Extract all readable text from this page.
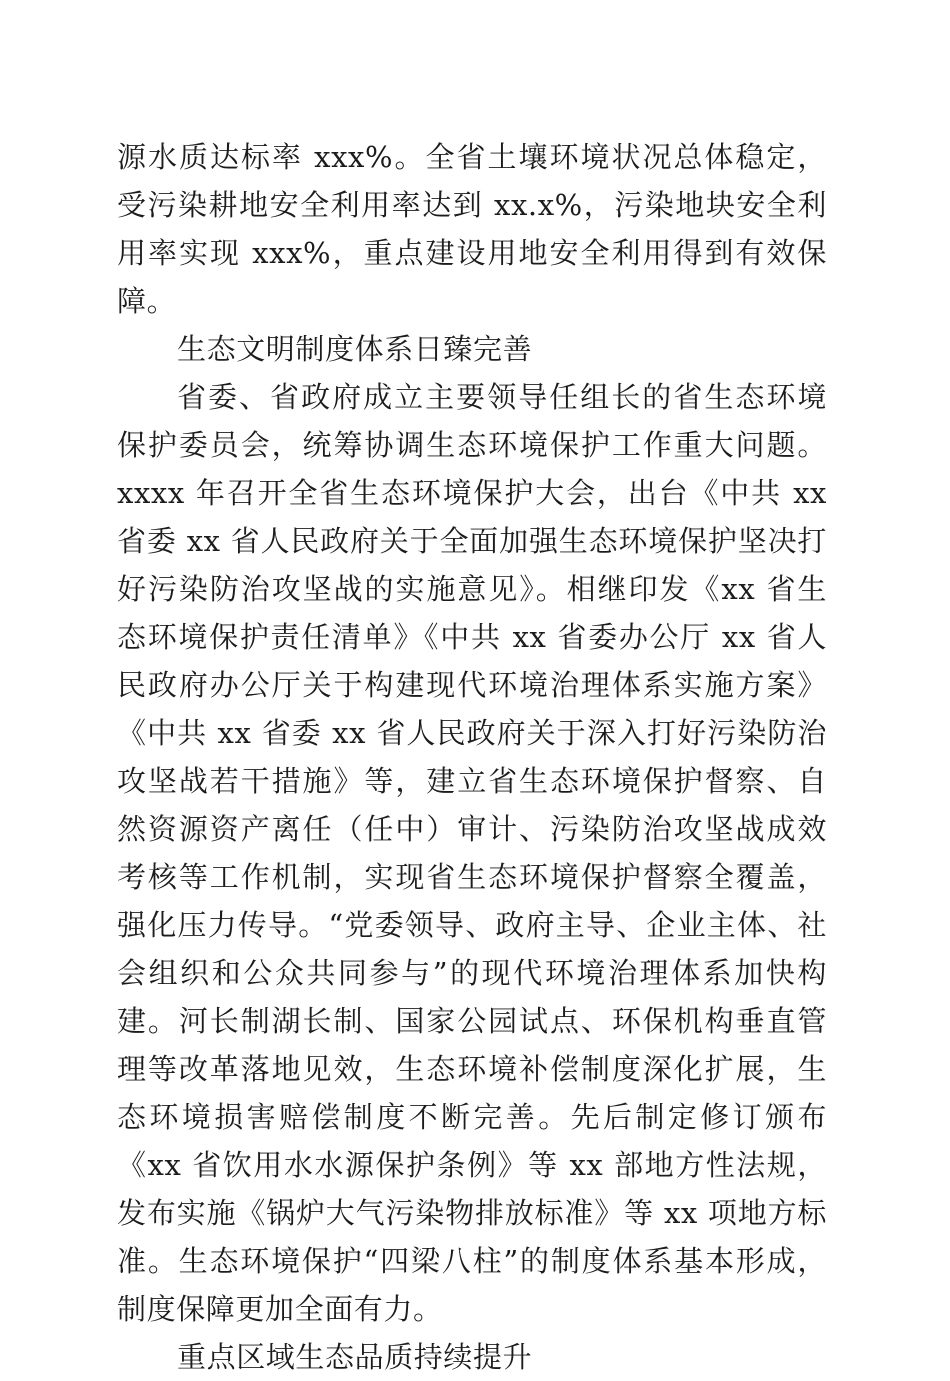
源水质达标率 xxx%。全省土壤环境状况总体稳定，受污染耕地安全利用率达到 xx.x%，污染地块安全利用率实现 xxx%，重点建设用地安全利用得到有效保障。

生态文明制度体系日臻完善

省委、省政府成立主要领导任组长的省生态环境保护委员会，统筹协调生态环境保护工作重大问题。xxxx 年召开全省生态环境保护大会，出台《中共 xx 省委 xx 省人民政府关于全面加强生态环境保护坚决打好污染防治攻坚战的实施意见》。相继印发《xx 省生态环境保护责任清单》《中共 xx 省委办公厅 xx 省人民政府办公厅关于构建现代环境治理体系实施方案》《中共 xx 省委 xx 省人民政府关于深入打好污染防治攻坚战若干措施》等，建立省生态环境保护督察、自然资源资产离任（任中）审计、污染防治攻坚战成效考核等工作机制，实现省生态环境保护督察全覆盖，强化压力传导。“党委领导、政府主导、企业主体、社会组织和公众共同参与”的现代环境治理体系加快构建。河长制湖长制、国家公园试点、环保机构垂直管理等改革落地见效，生态环境补偿制度深化扩展，生态环境损害赔偿制度不断完善。先后制定修订颁布《xx 省饮用水水源保护条例》等 xx 部地方性法规，发布实施《锅炉大气污染物排放标准》等 xx 项地方标准。生态环境保护“四梁八柱”的制度体系基本形成，制度保障更加全面有力。

重点区域生态品质持续提升
